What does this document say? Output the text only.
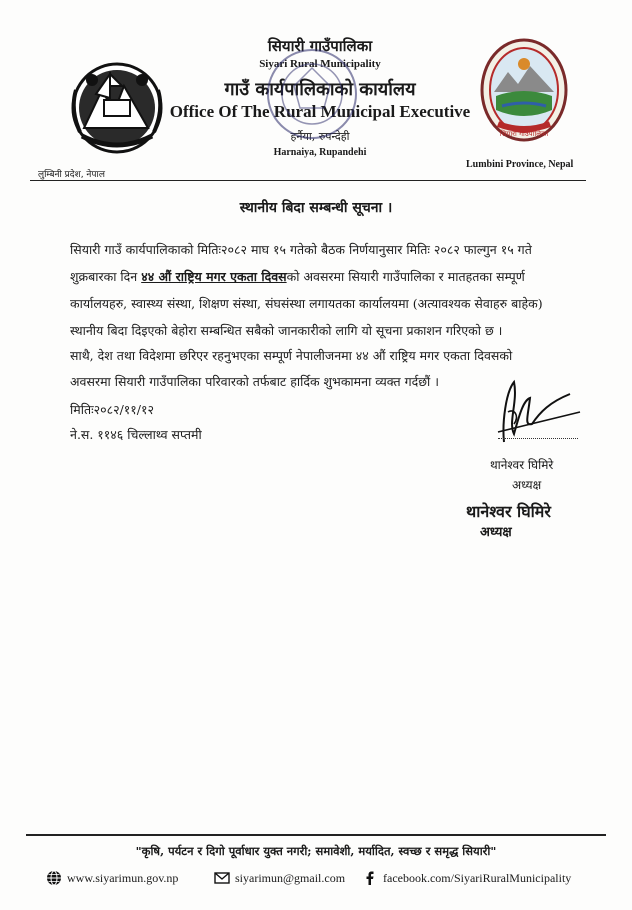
सियारी गाउँपालिका
सियारी गाउँपालिका
Siyari Rural Municipality
गाउँ कार्यपालिकाको कार्यालय
Office Of The Rural Municipal Executive
हर्नैया, रुपन्देही
Harnaiya, Rupandehi
लुम्बिनी प्रदेश, नेपाल
Lumbini Province, Nepal
स्थानीय बिदा सम्बन्धी सूचना ।
सियारी गाउँ कार्यपालिकाको मितिः२०८२ माघ १५ गतेको बैठक निर्णयानुसार मितिः २०८२ फाल्गुन १५ गते
शुक्रबारका दिन ४४ औं राष्ट्रिय मगर एकता दिवसको अवसरमा सियारी गाउँपालिका र मातहतका सम्पूर्ण
कार्यालयहरु, स्वास्थ्य संस्था, शिक्षण संस्था, संघसंस्था लगायतका कार्यालयमा (अत्यावश्यक सेवाहरु बाहेक)
स्थानीय बिदा दिइएको बेहोरा सम्बन्धित सबैको जानकारीको लागि यो सूचना प्रकाशन गरिएको छ ।
साथै, देश तथा विदेशमा छरिएर रहनुभएका सम्पूर्ण नेपालीजनमा ४४ औं राष्ट्रिय मगर एकता दिवसको
अवसरमा सियारी गाउँपालिका परिवारको तर्फबाट हार्दिक शुभकामना व्यक्त गर्दछौं ।
मितिः२०८२/११/१२
ने.स. ११४६ चिल्लाथ्व सप्तमी
थानेश्वर घिमिरे
अध्यक्ष
थानेश्वर घिमिरे
अध्यक्ष
"कृषि, पर्यटन र दिगो पूर्वाधार युक्त नगरी; समावेशी, मर्यादित, स्वच्छ र समृद्ध सियारी"
www.siyarimun.gov.np	siyarimun@gmail.com	facebook.com/SiyariRuralMunicipality
